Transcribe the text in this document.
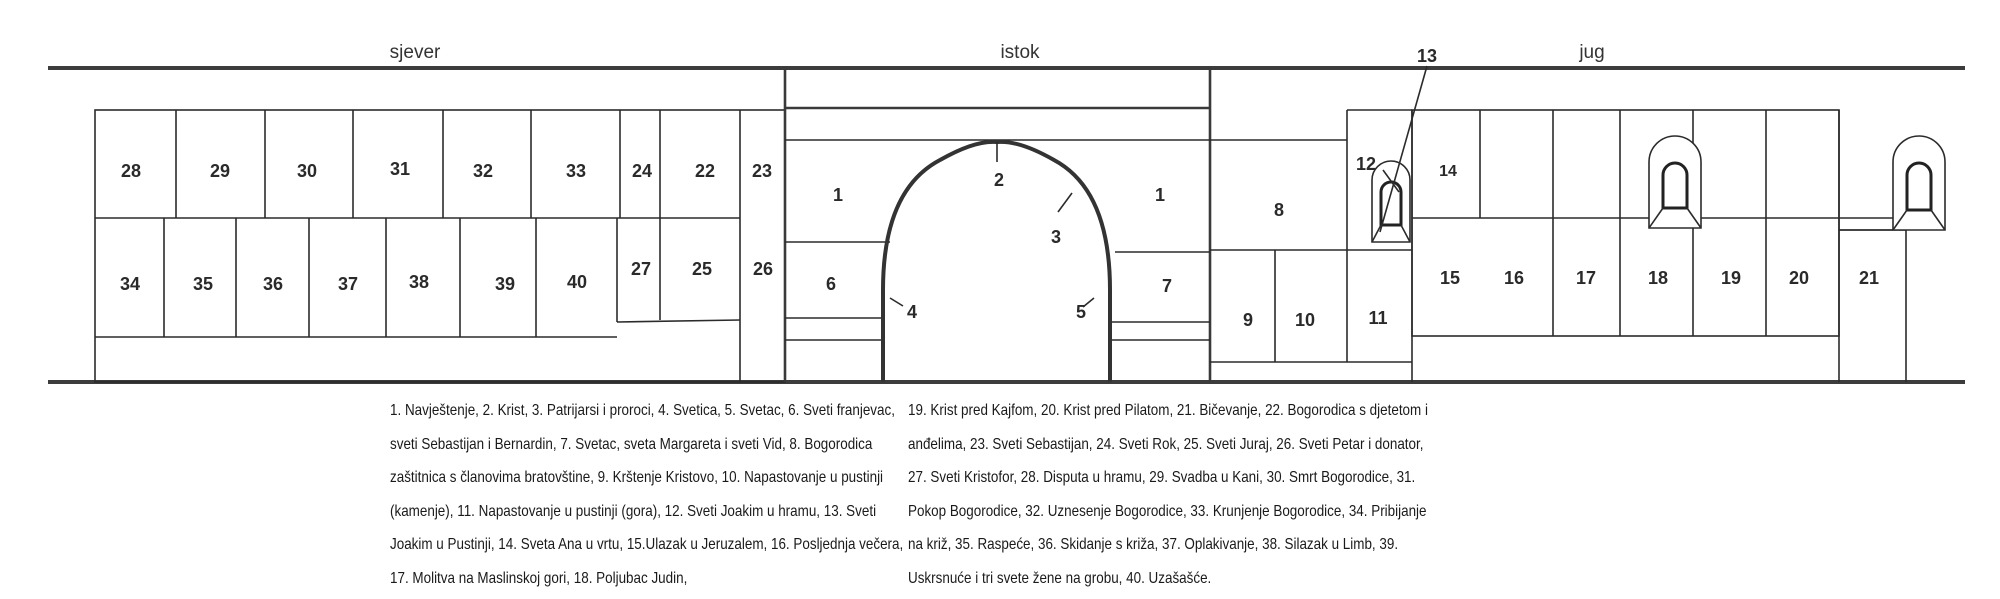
sjever	istok	jug
28	29	30	31	32	33	24 22 23
34	35	36	37	38	39	40
27 25 26
1	1
2
3
4	5
6	7
8
9 10	11
12
13
14
15 16	17	18	19	20	21
1. Navještenje, 2. Krist, 3. Patrijarsi i proroci, 4. Svetica, 5. Svetac, 6. Sveti franjevac,
sveti Sebastijan i Bernardin, 7. Svetac, sveta Margareta i sveti Vid, 8. Bogorodica
zaštitnica s članovima bratovštine, 9. Krštenje Kristovo, 10. Napastovanje u pustinji
(kamenje), 11. Napastovanje u pustinji (gora), 12. Sveti Joakim u hramu, 13. Sveti
Joakim u Pustinji, 14. Sveta Ana u vrtu, 15.Ulazak u Jeruzalem, 16. Posljednja večera,
17. Molitva na Maslinskoj gori, 18. Poljubac Judin,
19. Krist pred Kajfom, 20. Krist pred Pilatom, 21. Bičevanje, 22. Bogorodica s djetetom i
anđelima, 23. Sveti Sebastijan, 24. Sveti Rok, 25. Sveti Juraj, 26. Sveti Petar i donator,
27. Sveti Kristofor, 28. Disputa u hramu, 29. Svadba u Kani, 30. Smrt Bogorodice, 31.
Pokop Bogorodice, 32. Uznesenje Bogorodice, 33. Krunjenje Bogorodice, 34. Pribijanje
na križ, 35. Raspeće, 36. Skidanje s križa, 37. Oplakivanje, 38. Silazak u Limb, 39.
Uskrsnuće i tri svete žene na grobu, 40. Uzašašće.
